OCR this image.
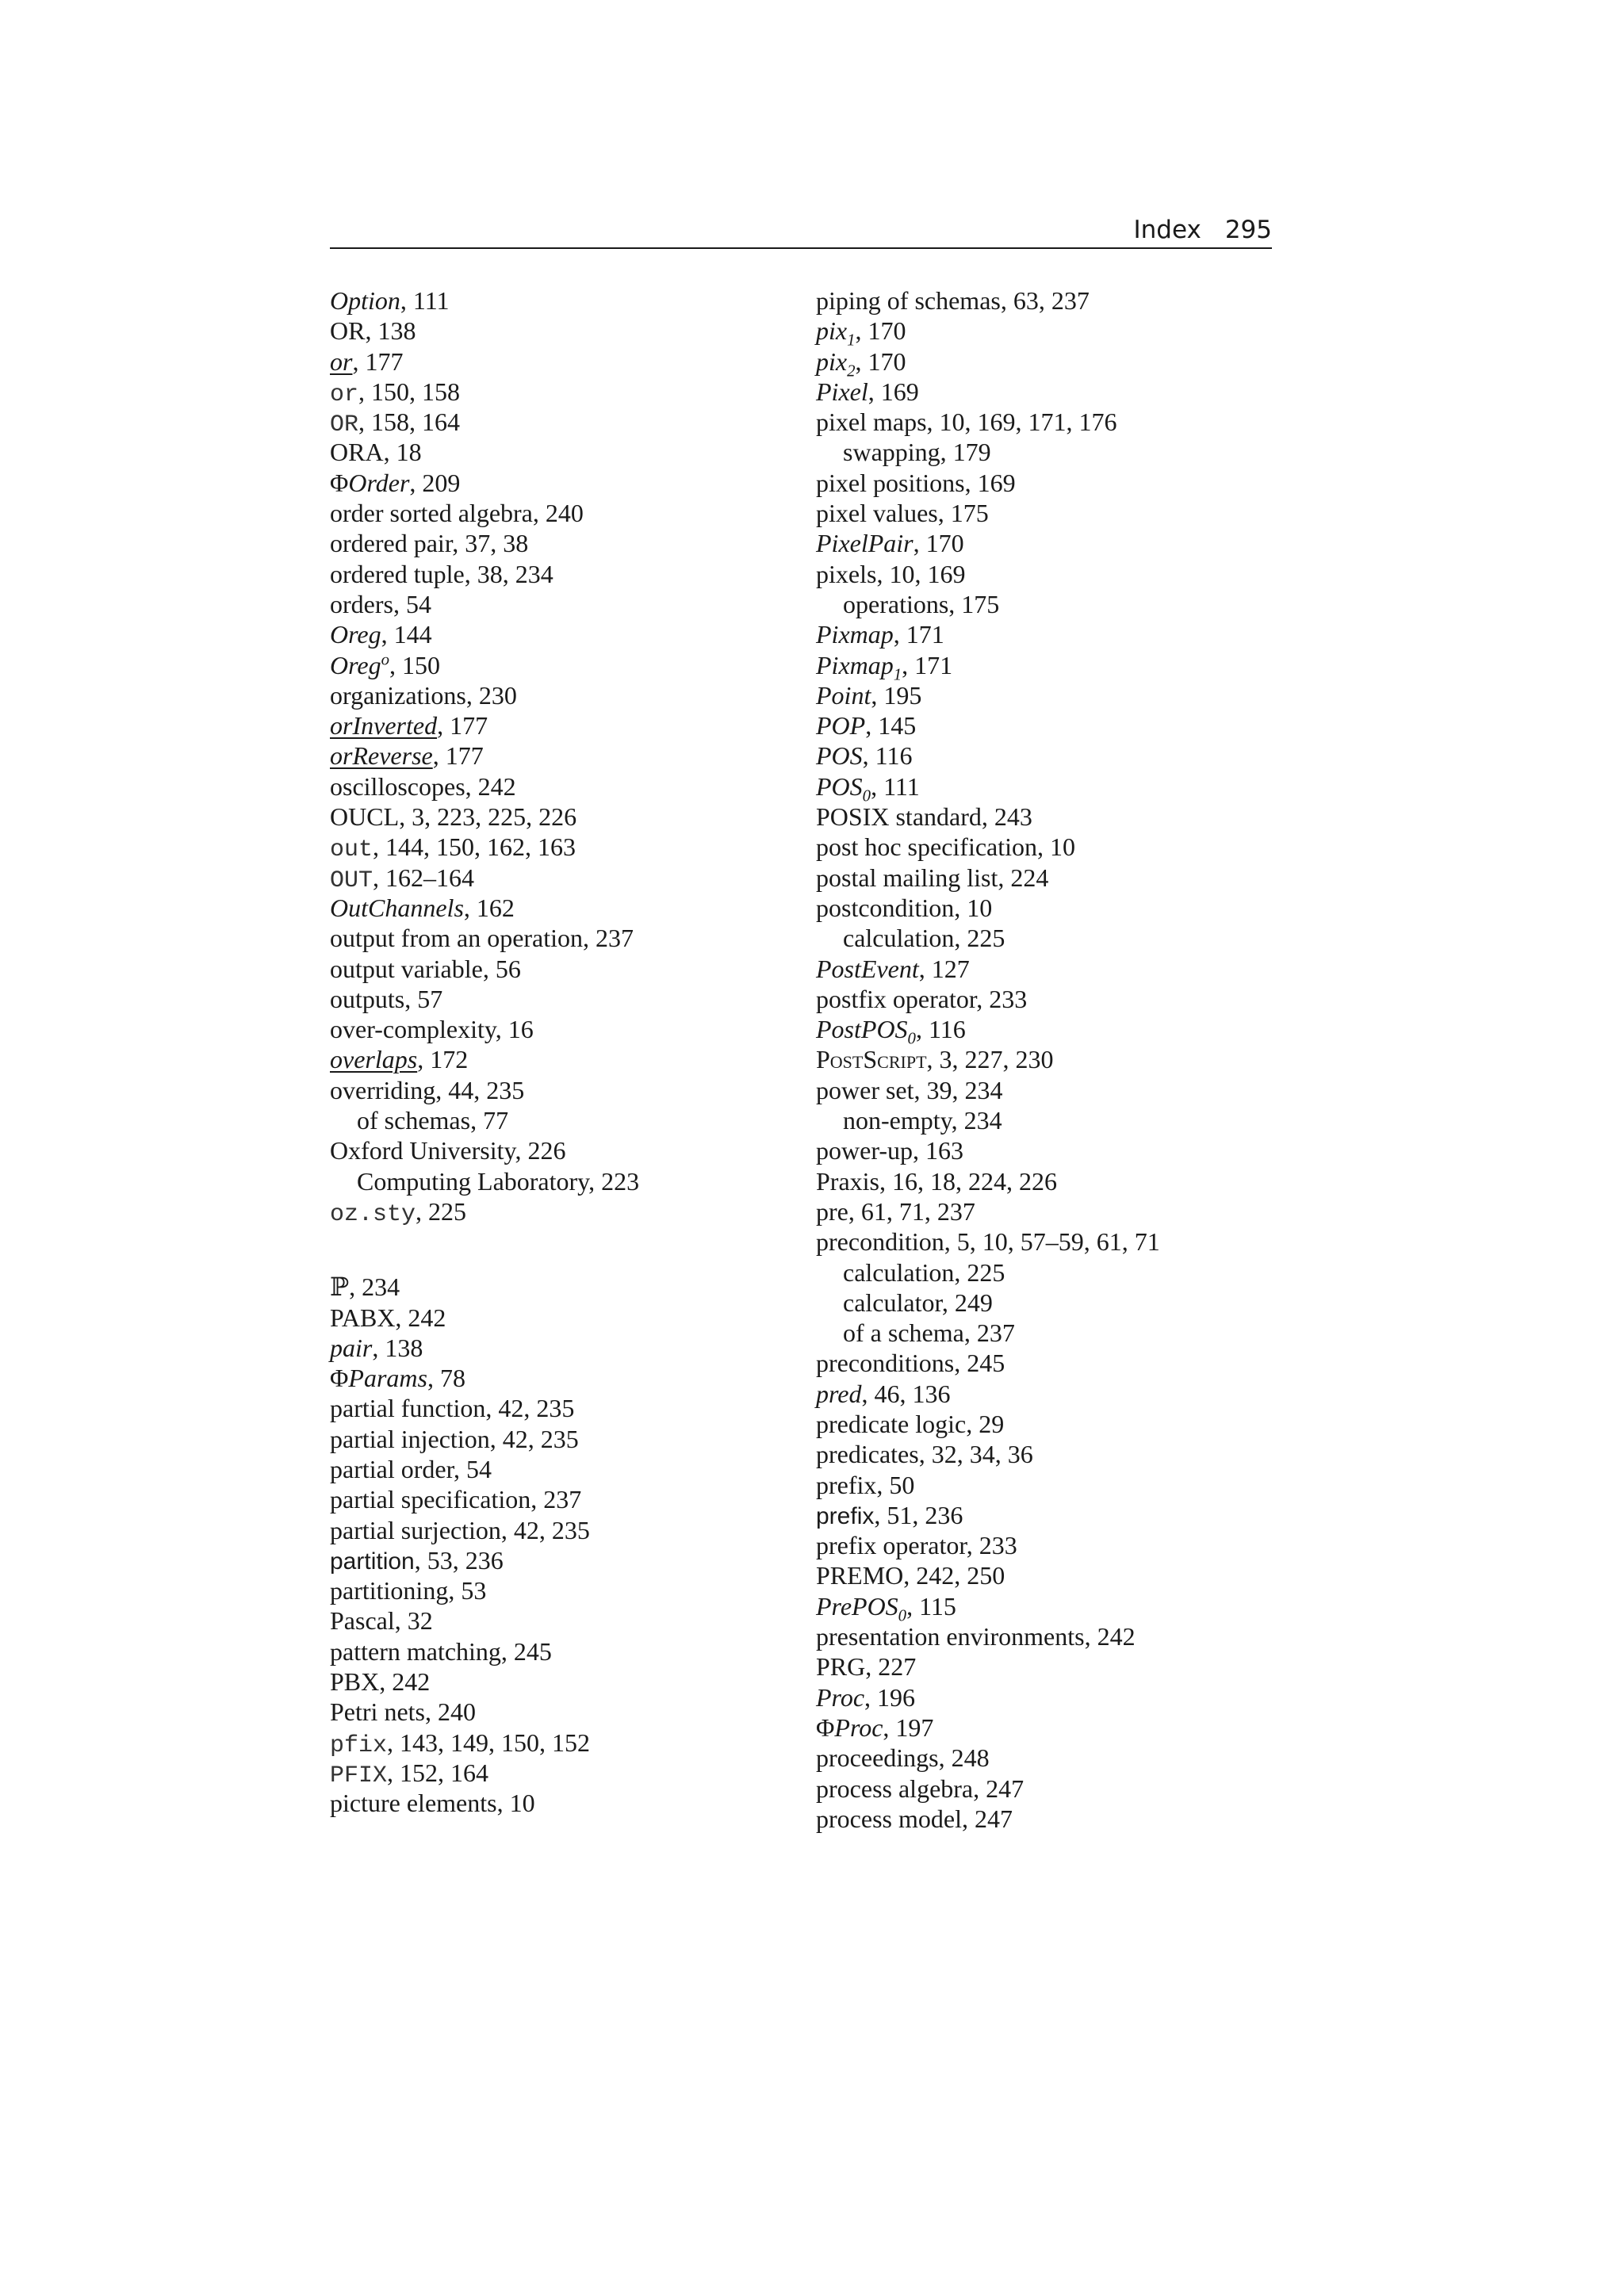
Index 295
Option, 111
OR, 138
or, 177
or, 150, 158
OR, 158, 164
ORA, 18
ΦOrder, 209
order sorted algebra, 240
ordered pair, 37, 38
ordered tuple, 38, 234
orders, 54
Oreg, 144
Oreg$^o$, 150
organizations, 230
orInverted, 177
orReverse, 177
oscilloscopes, 242
OUCL, 3, 223, 225, 226
out, 144, 150, 162, 163
OUT, 162–164
OutChannels, 162
output from an operation, 237
output variable, 56
outputs, 57
over-complexity, 16
overlaps, 172
overriding, 44, 235
of schemas, 77
Oxford University, 226
Computing Laboratory, 223
oz.sty, 225
ℙ, 234
PABX, 242
pair, 138
ΦParams, 78
partial function, 42, 235
partial injection, 42, 235
partial order, 54
partial specification, 237
partial surjection, 42, 235
partition, 53, 236
partitioning, 53
Pascal, 32
pattern matching, 245
PBX, 242
Petri nets, 240
pfix, 143, 149, 150, 152
PFIX, 152, 164
picture elements, 10
piping of schemas, 63, 237
pix$_1$, 170
pix$_2$, 170
Pixel, 169
pixel maps, 10, 169, 171, 176
swapping, 179
pixel positions, 169
pixel values, 175
PixelPair, 170
pixels, 10, 169
operations, 175
Pixmap, 171
Pixmap$_1$, 171
Point, 195
POP, 145
POS, 116
$POS_0$, 111
POSIX standard, 243
post hoc specification, 10
postal mailing list, 224
postcondition, 10
calculation, 225
PostEvent, 127
postfix operator, 233
PostPOS$_0$, 116
PostScript, 3, 227, 230
power set, 39, 234
non-empty, 234
power-up, 163
Praxis, 16, 18, 224, 226
pre, 61, 71, 237
precondition, 5, 10, 57–59, 61, 71
calculation, 225
calculator, 249
of a schema, 237
preconditions, 245
pred, 46, 136
predicate logic, 29
predicates, 32, 34, 36
prefix, 50
prefix, 51, 236
prefix operator, 233
PREMO, 242, 250
PrePOS$_0$, 115
presentation environments, 242
PRG, 227
Proc, 196
ΦProc, 197
proceedings, 248
process algebra, 247
process model, 247
